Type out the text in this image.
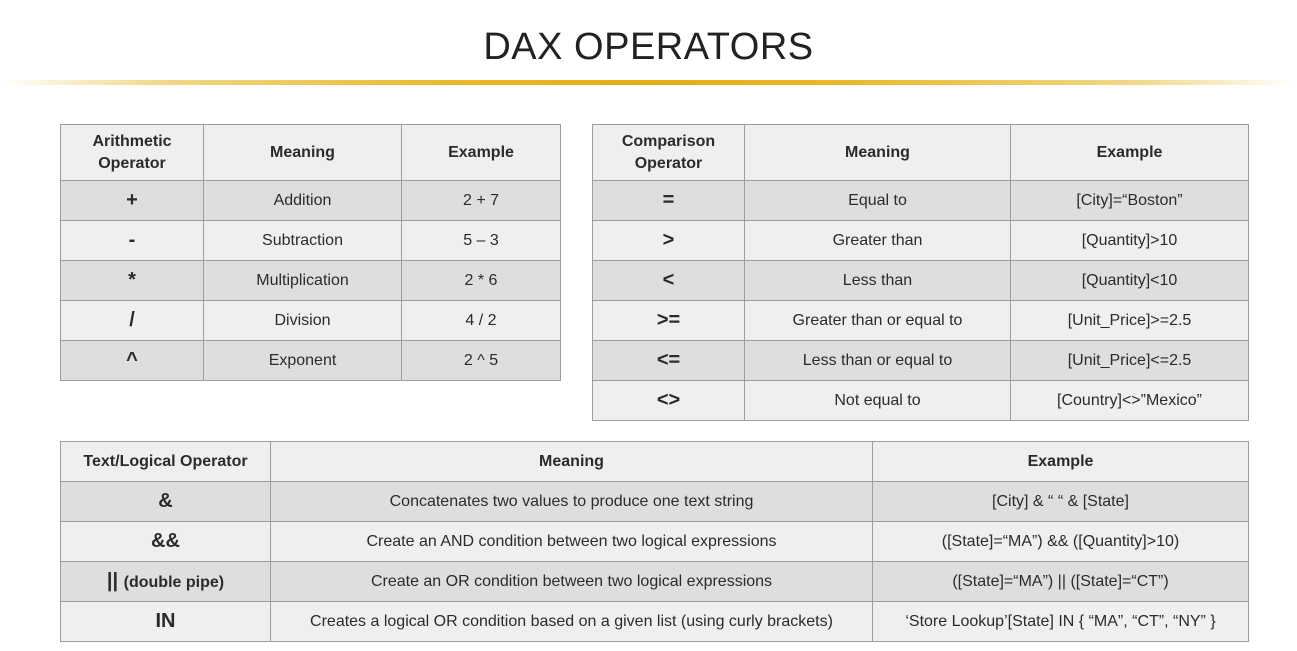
DAX OPERATORS
Arithmetic Operator	Meaning	Example
+	Addition	2 + 7
-	Subtraction	5 – 3
*	Multiplication	2 * 6
/	Division	4 / 2
^	Exponent	2 ^ 5
Comparison Operator	Meaning	Example
=	Equal to	[City]=“Boston”
>	Greater than	[Quantity]>10
<	Less than	[Quantity]<10
>=	Greater than or equal to	[Unit_Price]>=2.5
<=	Less than or equal to	[Unit_Price]<=2.5
<>	Not equal to	[Country]<>”Mexico”
Text/Logical Operator	Meaning	Example
&	Concatenates two values to produce one text string	[City] & “ “ & [State]
&&	Create an AND condition between two logical expressions	([State]=“MA”) && ([Quantity]>10)
|| (double pipe)	Create an OR condition between two logical expressions	([State]=“MA”) || ([State]=“CT”)
IN	Creates a logical OR condition based on a given list (using curly brackets)	‘Store Lookup’[State] IN { “MA”, “CT”, “NY” }
